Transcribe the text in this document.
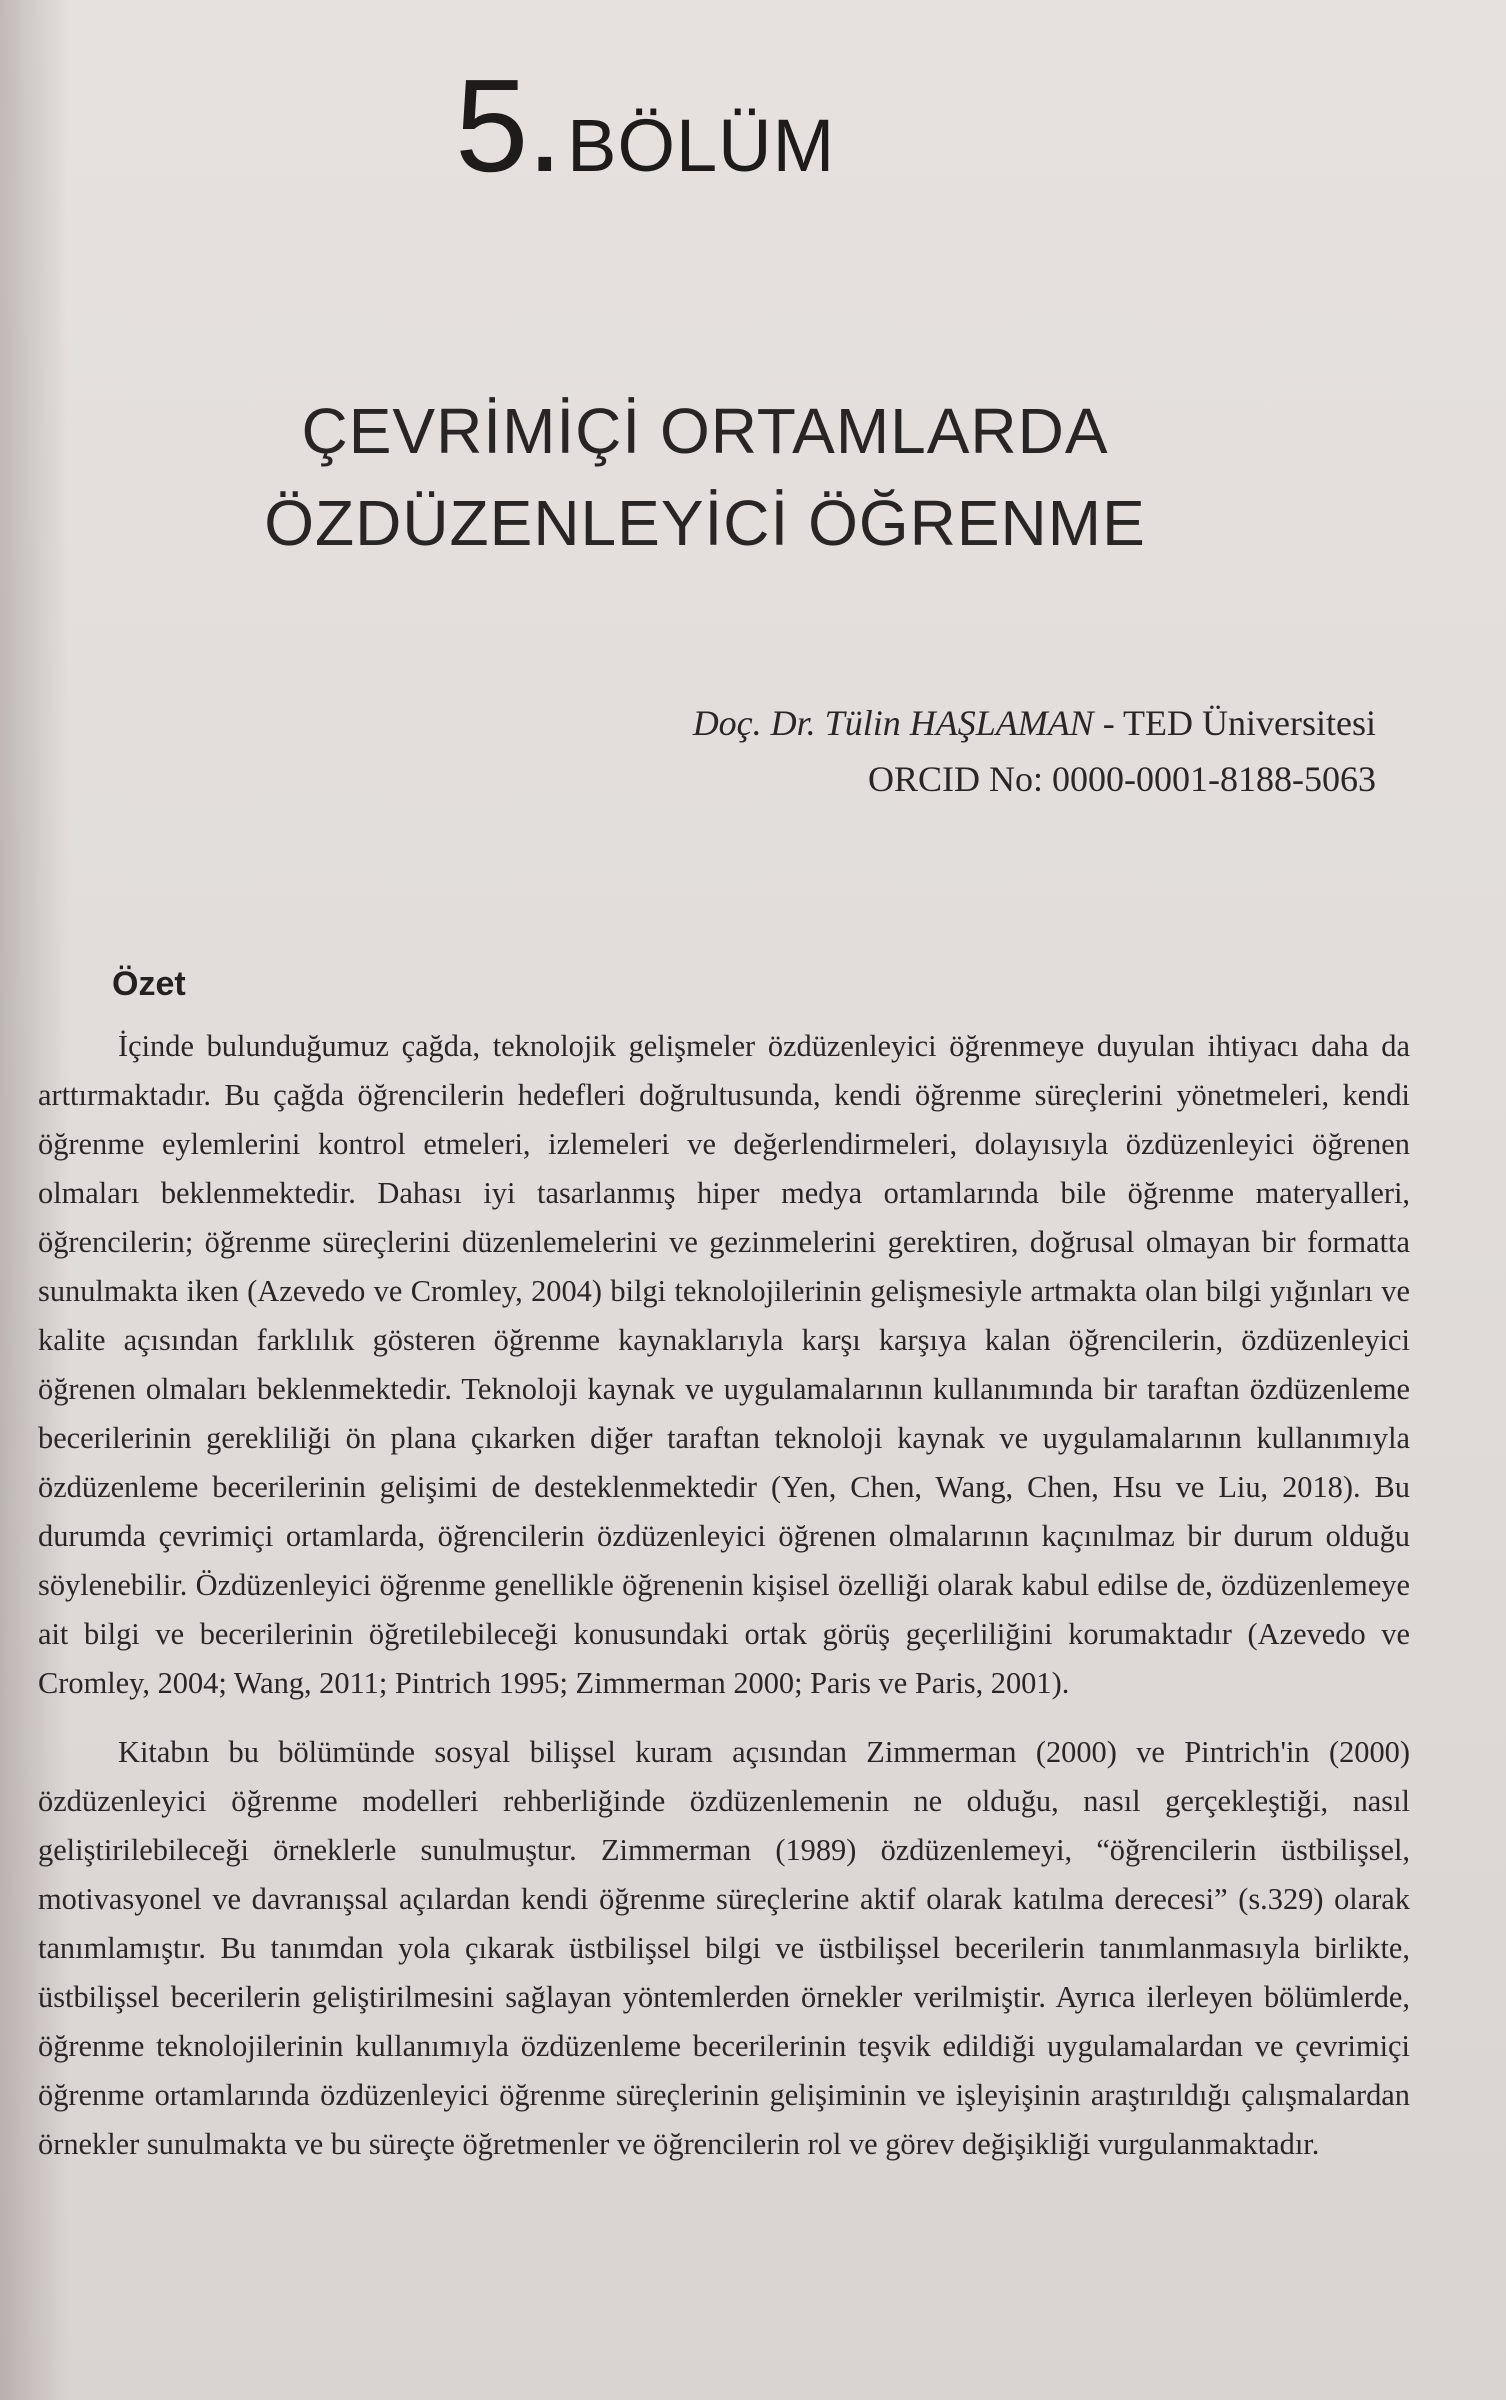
5.BÖLÜM
ÇEVRİMİÇİ ORTAMLARDA
ÖZDÜZENLEYİCİ ÖĞRENME
Doç. Dr. Tülin HAŞLAMAN - TED Üniversitesi
ORCID No: 0000-0001-8188-5063
Özet

İçinde bulunduğumuz çağda, teknolojik gelişmeler özdüzenleyici öğrenmeye duyulan ihtiyacı daha da arttırmaktadır. Bu çağda öğrencilerin hedefleri doğrultusunda, kendi öğrenme süreçlerini yönetmeleri, kendi öğrenme eylemlerini kontrol etmeleri, izlemeleri ve değerlendirmeleri, dolayısıyla özdüzenleyici öğrenen olmaları beklenmektedir. Dahası iyi tasarlanmış hiper medya ortamlarında bile öğrenme materyalleri, öğrencilerin; öğrenme süreçlerini düzenlemelerini ve gezinmelerini gerektiren, doğrusal olmayan bir formatta sunulmakta iken (Azevedo ve Cromley, 2004) bilgi teknolojilerinin gelişmesiyle artmakta olan bilgi yığınları ve kalite açısından farklılık gösteren öğrenme kaynaklarıyla karşı karşıya kalan öğrencilerin, özdüzenleyici öğrenen olmaları beklenmektedir. Teknoloji kaynak ve uygulamalarının kullanımında bir taraftan özdüzenleme becerilerinin gerekliliği ön plana çıkarken diğer taraftan teknoloji kaynak ve uygulamalarının kullanımıyla özdüzenleme becerilerinin gelişimi de desteklenmektedir (Yen, Chen, Wang, Chen, Hsu ve Liu, 2018). Bu durumda çevrimiçi ortamlarda, öğrencilerin özdüzenleyici öğrenen olmalarının kaçınılmaz bir durum olduğu söylenebilir. Özdüzenleyici öğrenme genellikle öğrenenin kişisel özelliği olarak kabul edilse de, özdüzenlemeye ait bilgi ve becerilerinin öğretilebileceği konusundaki ortak görüş geçerliliğini korumaktadır (Azevedo ve Cromley, 2004; Wang, 2011; Pintrich 1995; Zimmerman 2000; Paris ve Paris, 2001).

Kitabın bu bölümünde sosyal bilişsel kuram açısından Zimmerman (2000) ve Pintrich'in (2000) özdüzenleyici öğrenme modelleri rehberliğinde özdüzenlemenin ne olduğu, nasıl gerçekleştiği, nasıl geliştirilebileceği örneklerle sunulmuştur. Zimmerman (1989) özdüzenlemeyi, “öğrencilerin üstbilişsel, motivasyonel ve davranışsal açılardan kendi öğrenme süreçlerine aktif olarak katılma derecesi” (s.329) olarak tanımlamıştır. Bu tanımdan yola çıkarak üstbilişsel bilgi ve üstbilişsel becerilerin tanımlanmasıyla birlikte, üstbilişsel becerilerin geliştirilmesini sağlayan yöntemlerden örnekler verilmiştir. Ayrıca ilerleyen bölümlerde, öğrenme teknolojilerinin kullanımıyla özdüzenleme becerilerinin teşvik edildiği uygulamalardan ve çevrimiçi öğrenme ortamlarında özdüzenleyici öğrenme süreçlerinin gelişiminin ve işleyişinin araştırıldığı çalışmalardan örnekler sunulmakta ve bu süreçte öğretmenler ve öğrencilerin rol ve görev değişikliği vurgulanmaktadır.
